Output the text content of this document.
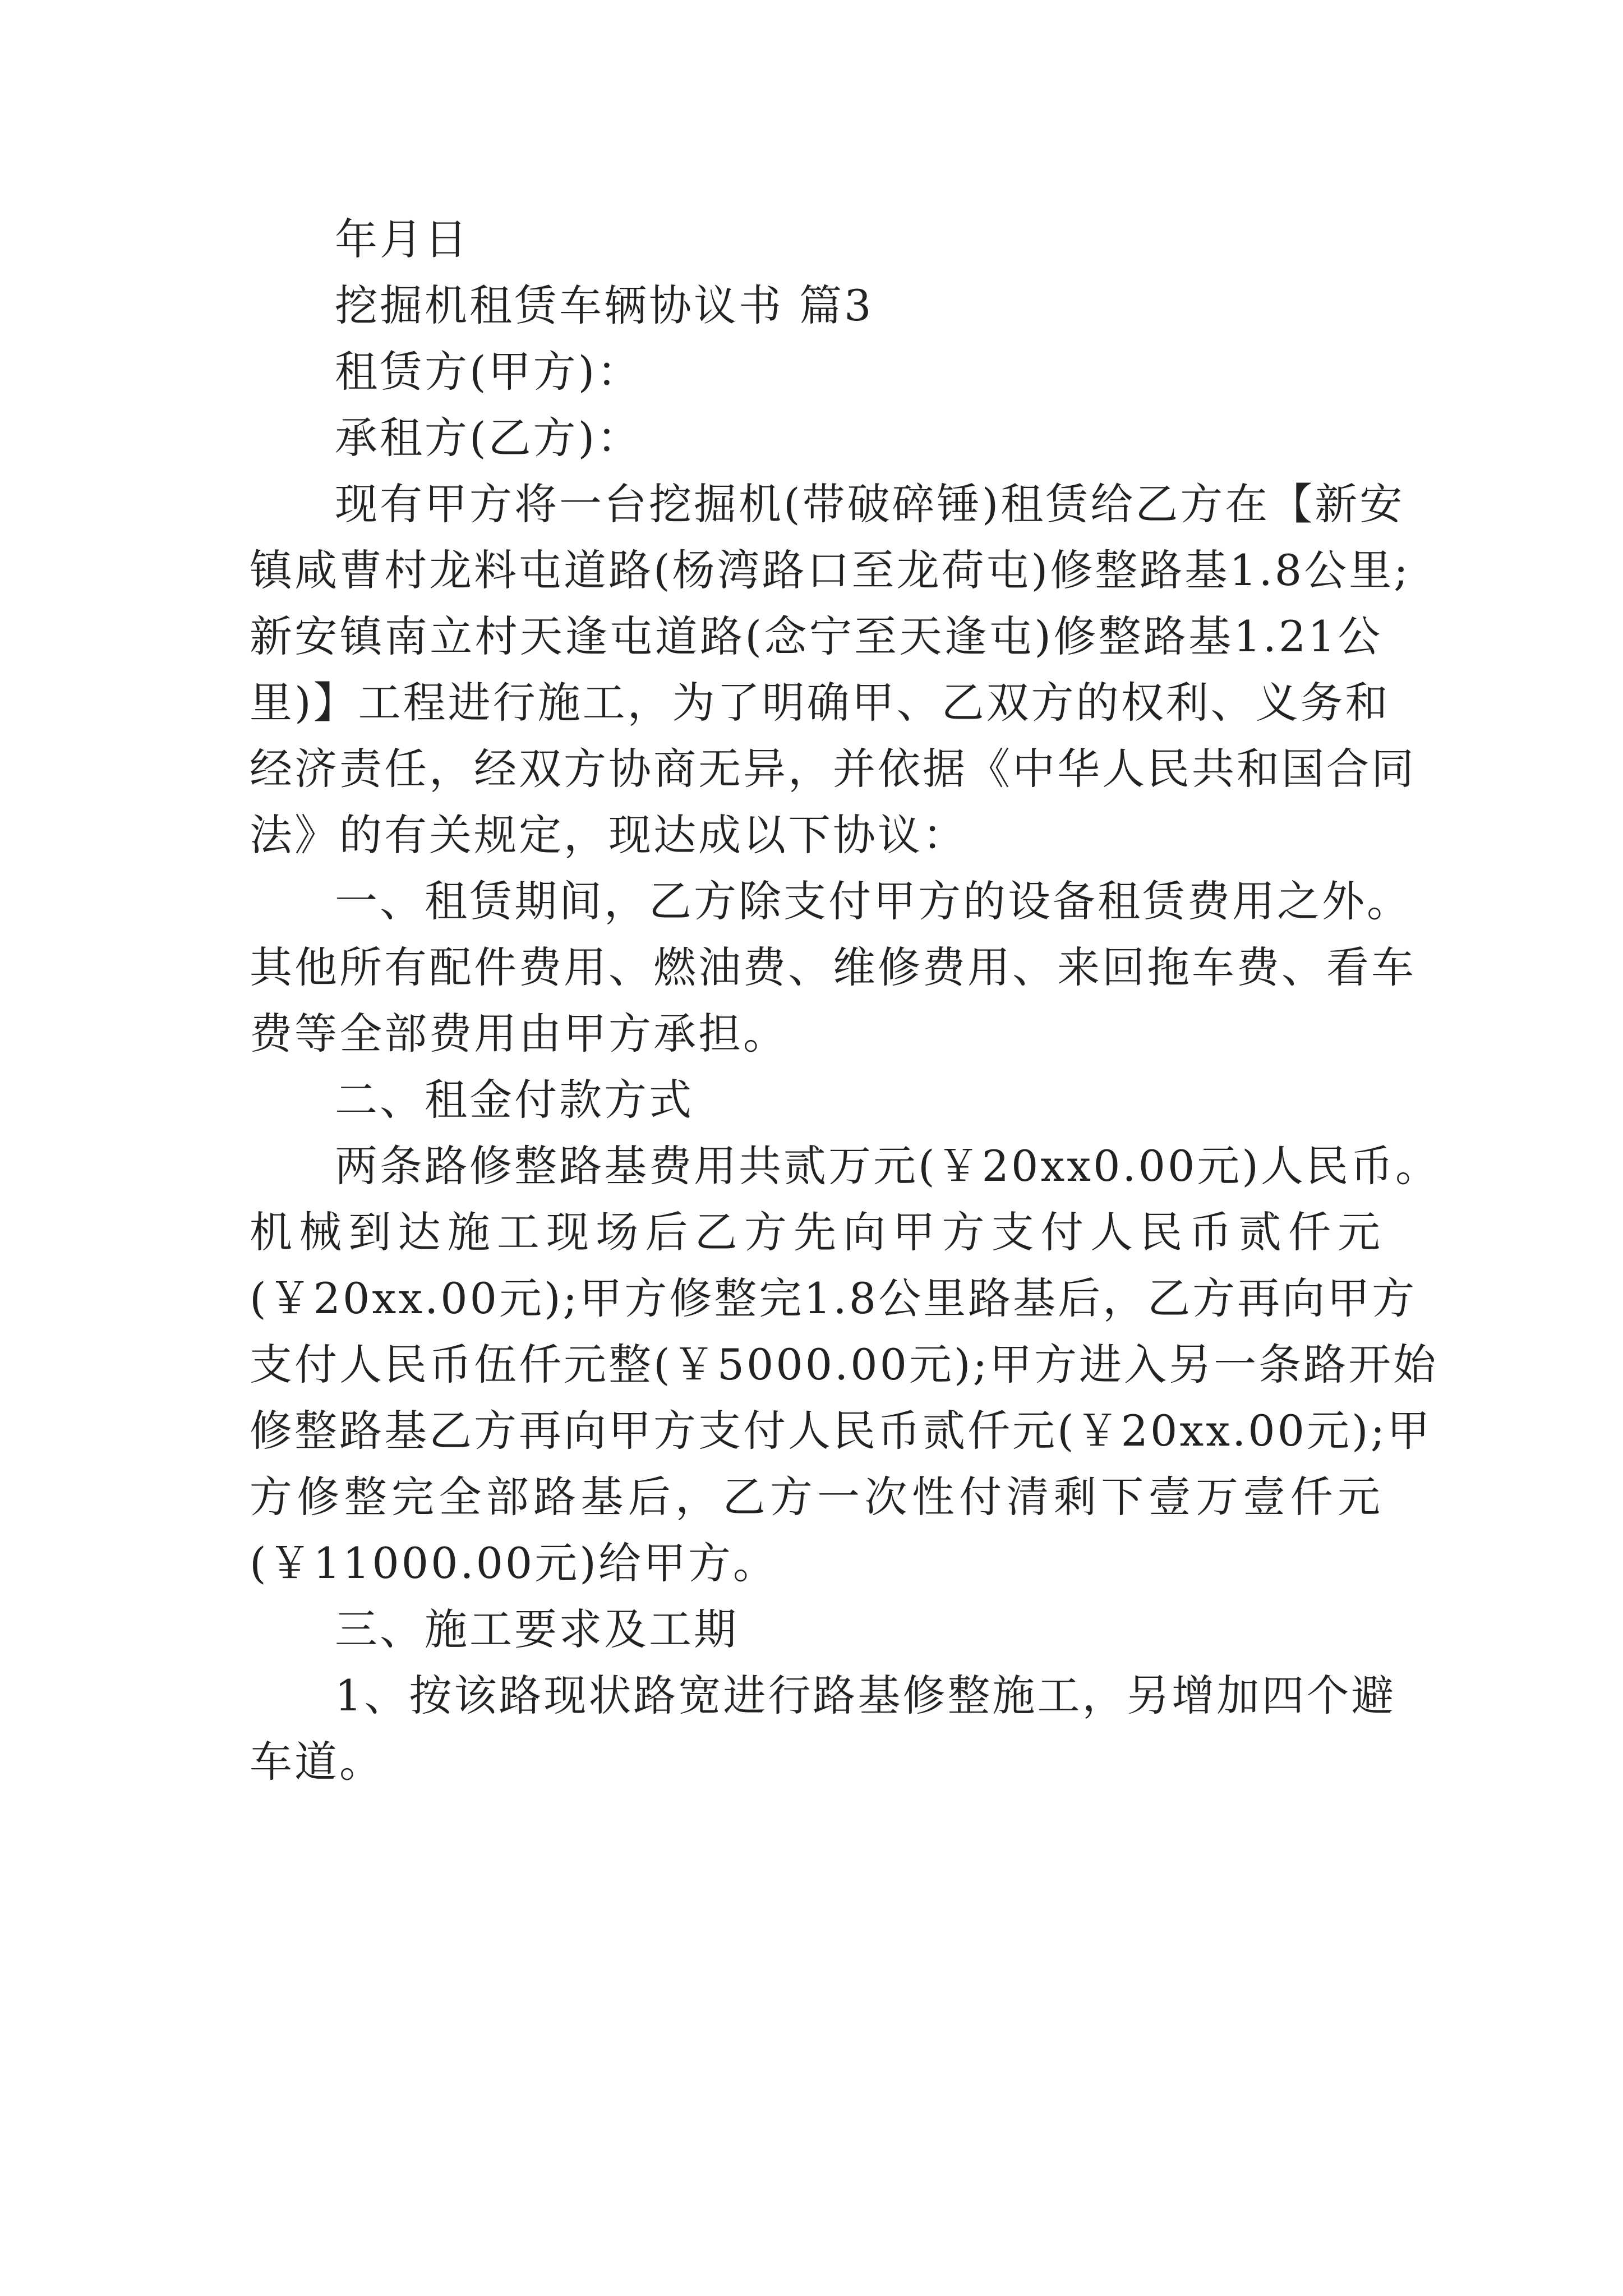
年月日
挖掘机租赁车辆协议书 篇3
租赁方(甲方)：
承租方(乙方)：
现有甲方将一台挖掘机(带破碎锤)租赁给乙方在【新安
镇咸曹村龙料屯道路(杨湾路口至龙荷屯)修整路基1.8公里;
新安镇南立村天逢屯道路(念宁至天逢屯)修整路基1.21公
里)】工程进行施工，为了明确甲、乙双方的权利、义务和
经济责任，经双方协商无异，并依据《中华人民共和国合同
法》的有关规定，现达成以下协议：
一、租赁期间，乙方除支付甲方的设备租赁费用之外。
其他所有配件费用、燃油费、维修费用、来回拖车费、看车
费等全部费用由甲方承担。
二、租金付款方式
两条路修整路基费用共贰万元(￥20xx0.00元)人民币。
机械到达施工现场后乙方先向甲方支付人民币贰仟元
(￥20xx.00元);甲方修整完1.8公里路基后，乙方再向甲方
支付人民币伍仟元整(￥5000.00元);甲方进入另一条路开始
修整路基乙方再向甲方支付人民币贰仟元(￥20xx.00元);甲
方修整完全部路基后，乙方一次性付清剩下壹万壹仟元
(￥11000.00元)给甲方。
三、施工要求及工期
1、按该路现状路宽进行路基修整施工，另增加四个避
车道。
